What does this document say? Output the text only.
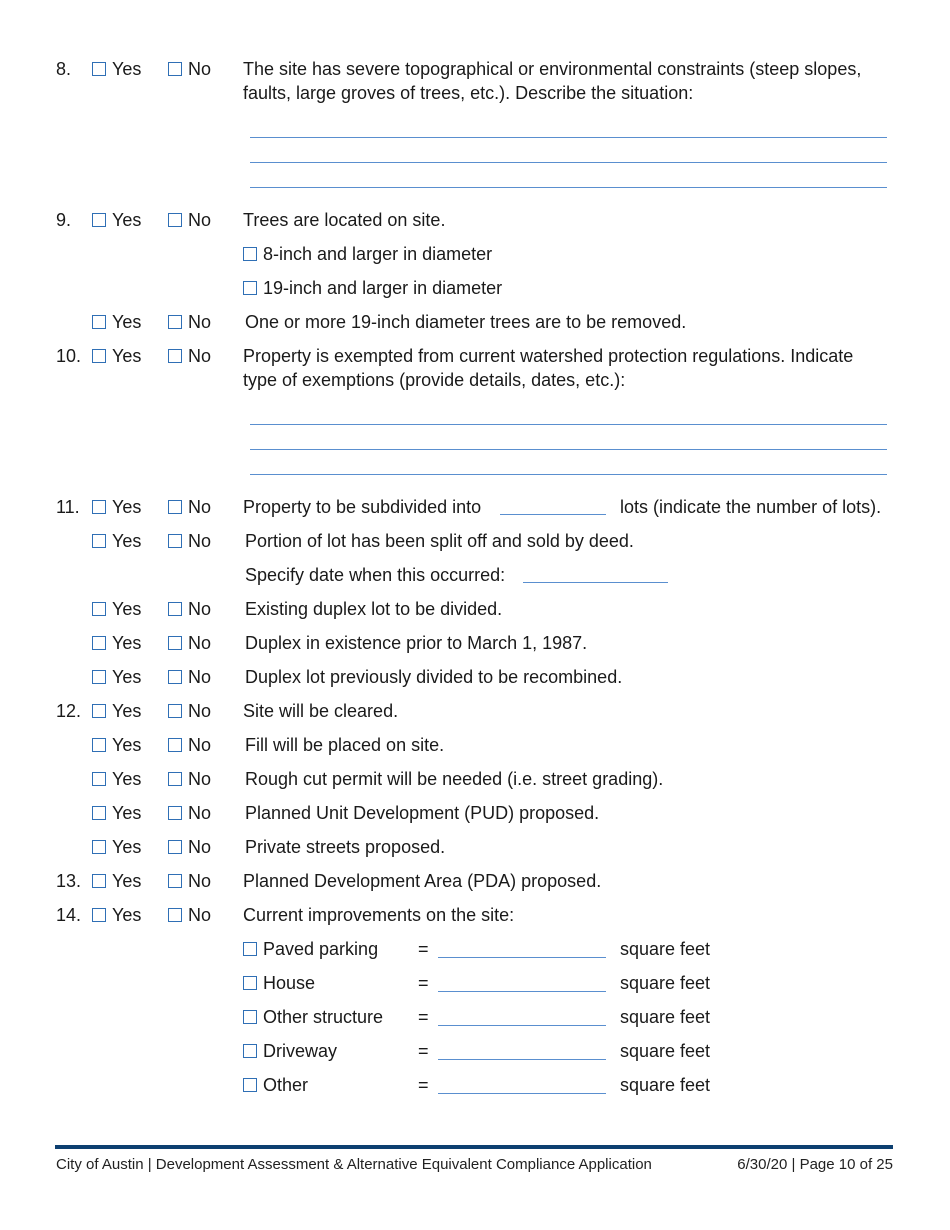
8. Yes	No The site has severe topographical or environmental constraints (steep slopes,
faults, large groves of trees, etc.). Describe the situation:
9. Yes	No Trees are located on site.
8-inch and larger in diameter
19-inch and larger in diameter
Yes	No One or more 19-inch diameter trees are to be removed.
10. Yes	No Property is exempted from current watershed protection regulations. Indicate
type of exemptions (provide details, dates, etc.):
11. Yes	No Property to be subdivided into	lots (indicate the number of lots).
Yes	No Portion of lot has been split off and sold by deed.
Specify date when this occurred:
Yes	No Existing duplex lot to be divided.
Yes	No Duplex in existence prior to March 1, 1987.
Yes	No Duplex lot previously divided to be recombined.
12. Yes	No Site will be cleared.
Yes	No Fill will be placed on site.
Yes	No Rough cut permit will be needed (i.e. street grading).
Yes	No Planned Unit Development (PUD) proposed.
Yes	No Private streets proposed.
13. Yes	No Planned Development Area (PDA) proposed.
14. Yes	No Current improvements on the site:
Paved parking =	square feet
House	=	square feet
Other structure =	square feet
Driveway	=	square feet
Other	=	square feet
City of Austin | Development Assessment & Alternative Equivalent Compliance Application	6/30/20 | Page 10 of 25
